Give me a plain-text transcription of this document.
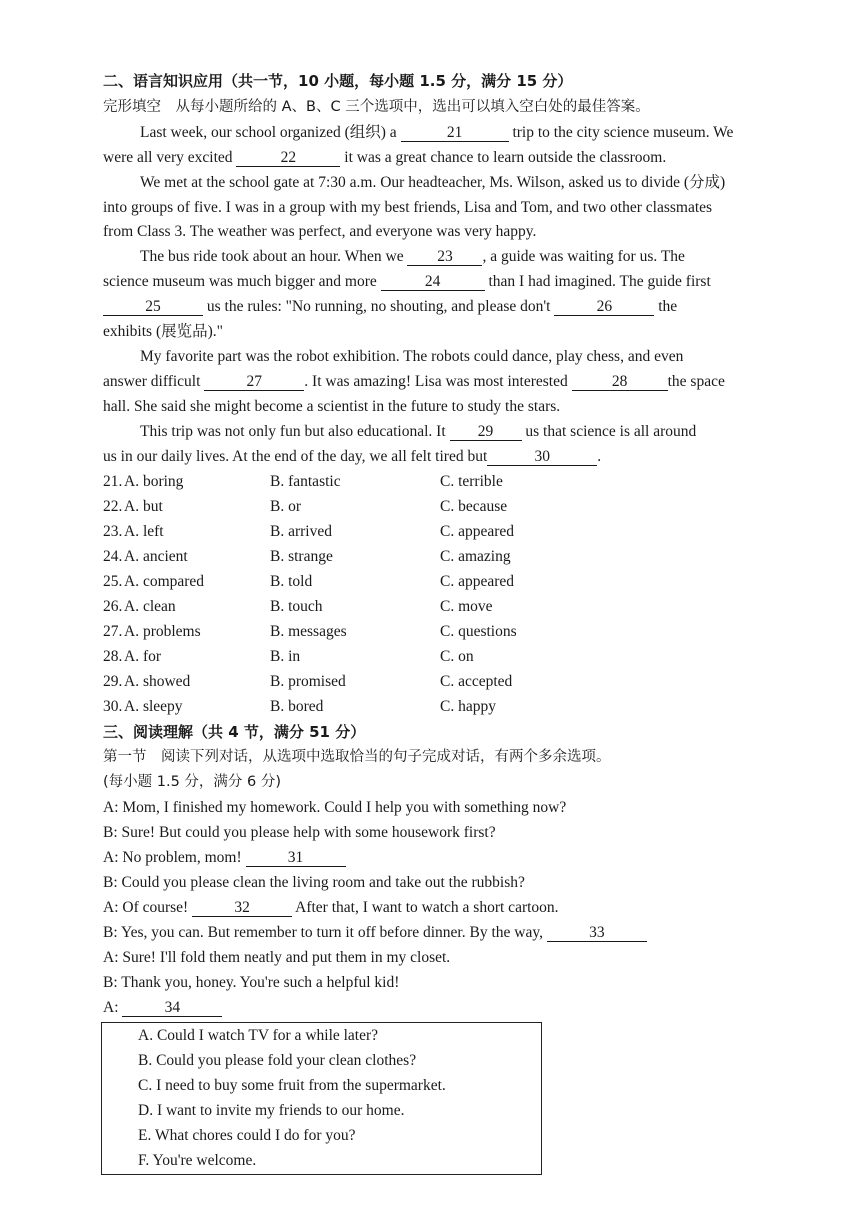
二、语言知识应用（共一节，10 小题，每小题 1.5 分，满分 15 分）
完形填空　从每小题所给的 A、B、C 三个选项中，选出可以填入空白处的最佳答案。
Last week, our school organized (组织) a	21	trip to the city science museum. We
were all very excited	22	it was a great chance to learn outside the classroom.
We met at the school gate at 7:30 a.m. Our headteacher, Ms. Wilson, asked us to divide (分成)
into groups of five. I was in a group with my best friends, Lisa and Tom, and two other classmates
from Class 3. The weather was perfect, and everyone was very happy.
The bus ride took about an hour. When we 23 , a guide was waiting for us. The
science museum was much bigger and more	24	than I had imagined. The guide first
25	us the rules: "No running, no shouting, and please don't	26	the
exhibits (展览品)."
My favorite part was the robot exhibition. The robots could dance, play chess, and even
answer difficult	27	. It was amazing! Lisa was most interested	28	the space
hall. She said she might become a scientist in the future to study the stars.
This trip was not only fun but also educational. It 29 us that science is all around
us in our daily lives. At the end of the day, we all felt tired but	30	.
21. A. boring	B. fantastic	C. terrible
22. A. but	B. or	C. because
23. A. left	B. arrived	C. appeared
24. A. ancient	B. strange	C. amazing
25. A. compared	B. told	C. appeared
26. A. clean	B. touch	C. move
27. A. problems	B. messages	C. questions
28. A. for	B. in	C. on
29. A. showed	B. promised	C. accepted
30. A. sleepy	B. bored	C. happy
三、阅读理解（共 4 节，满分 51 分）
第一节　阅读下列对话，从选项中选取恰当的句子完成对话，有两个多余选项。
(每小题 1.5 分，满分 6 分)
A: Mom, I finished my homework. Could I help you with something now?
B: Sure! But could you please help with some housework first?
A: No problem, mom!	31
B: Could you please clean the living room and take out the rubbish?
A: Of course!	32	After that, I want to watch a short cartoon.
B: Yes, you can. But remember to turn it off before dinner. By the way,	33
A: Sure! I'll fold them neatly and put them in my closet.
B: Thank you, honey. You're such a helpful kid!
A:	34
A. Could I watch TV for a while later?
B. Could you please fold your clean clothes?
C. I need to buy some fruit from the supermarket.
D. I want to invite my friends to our home.
E. What chores could I do for you?
F. You're welcome.
